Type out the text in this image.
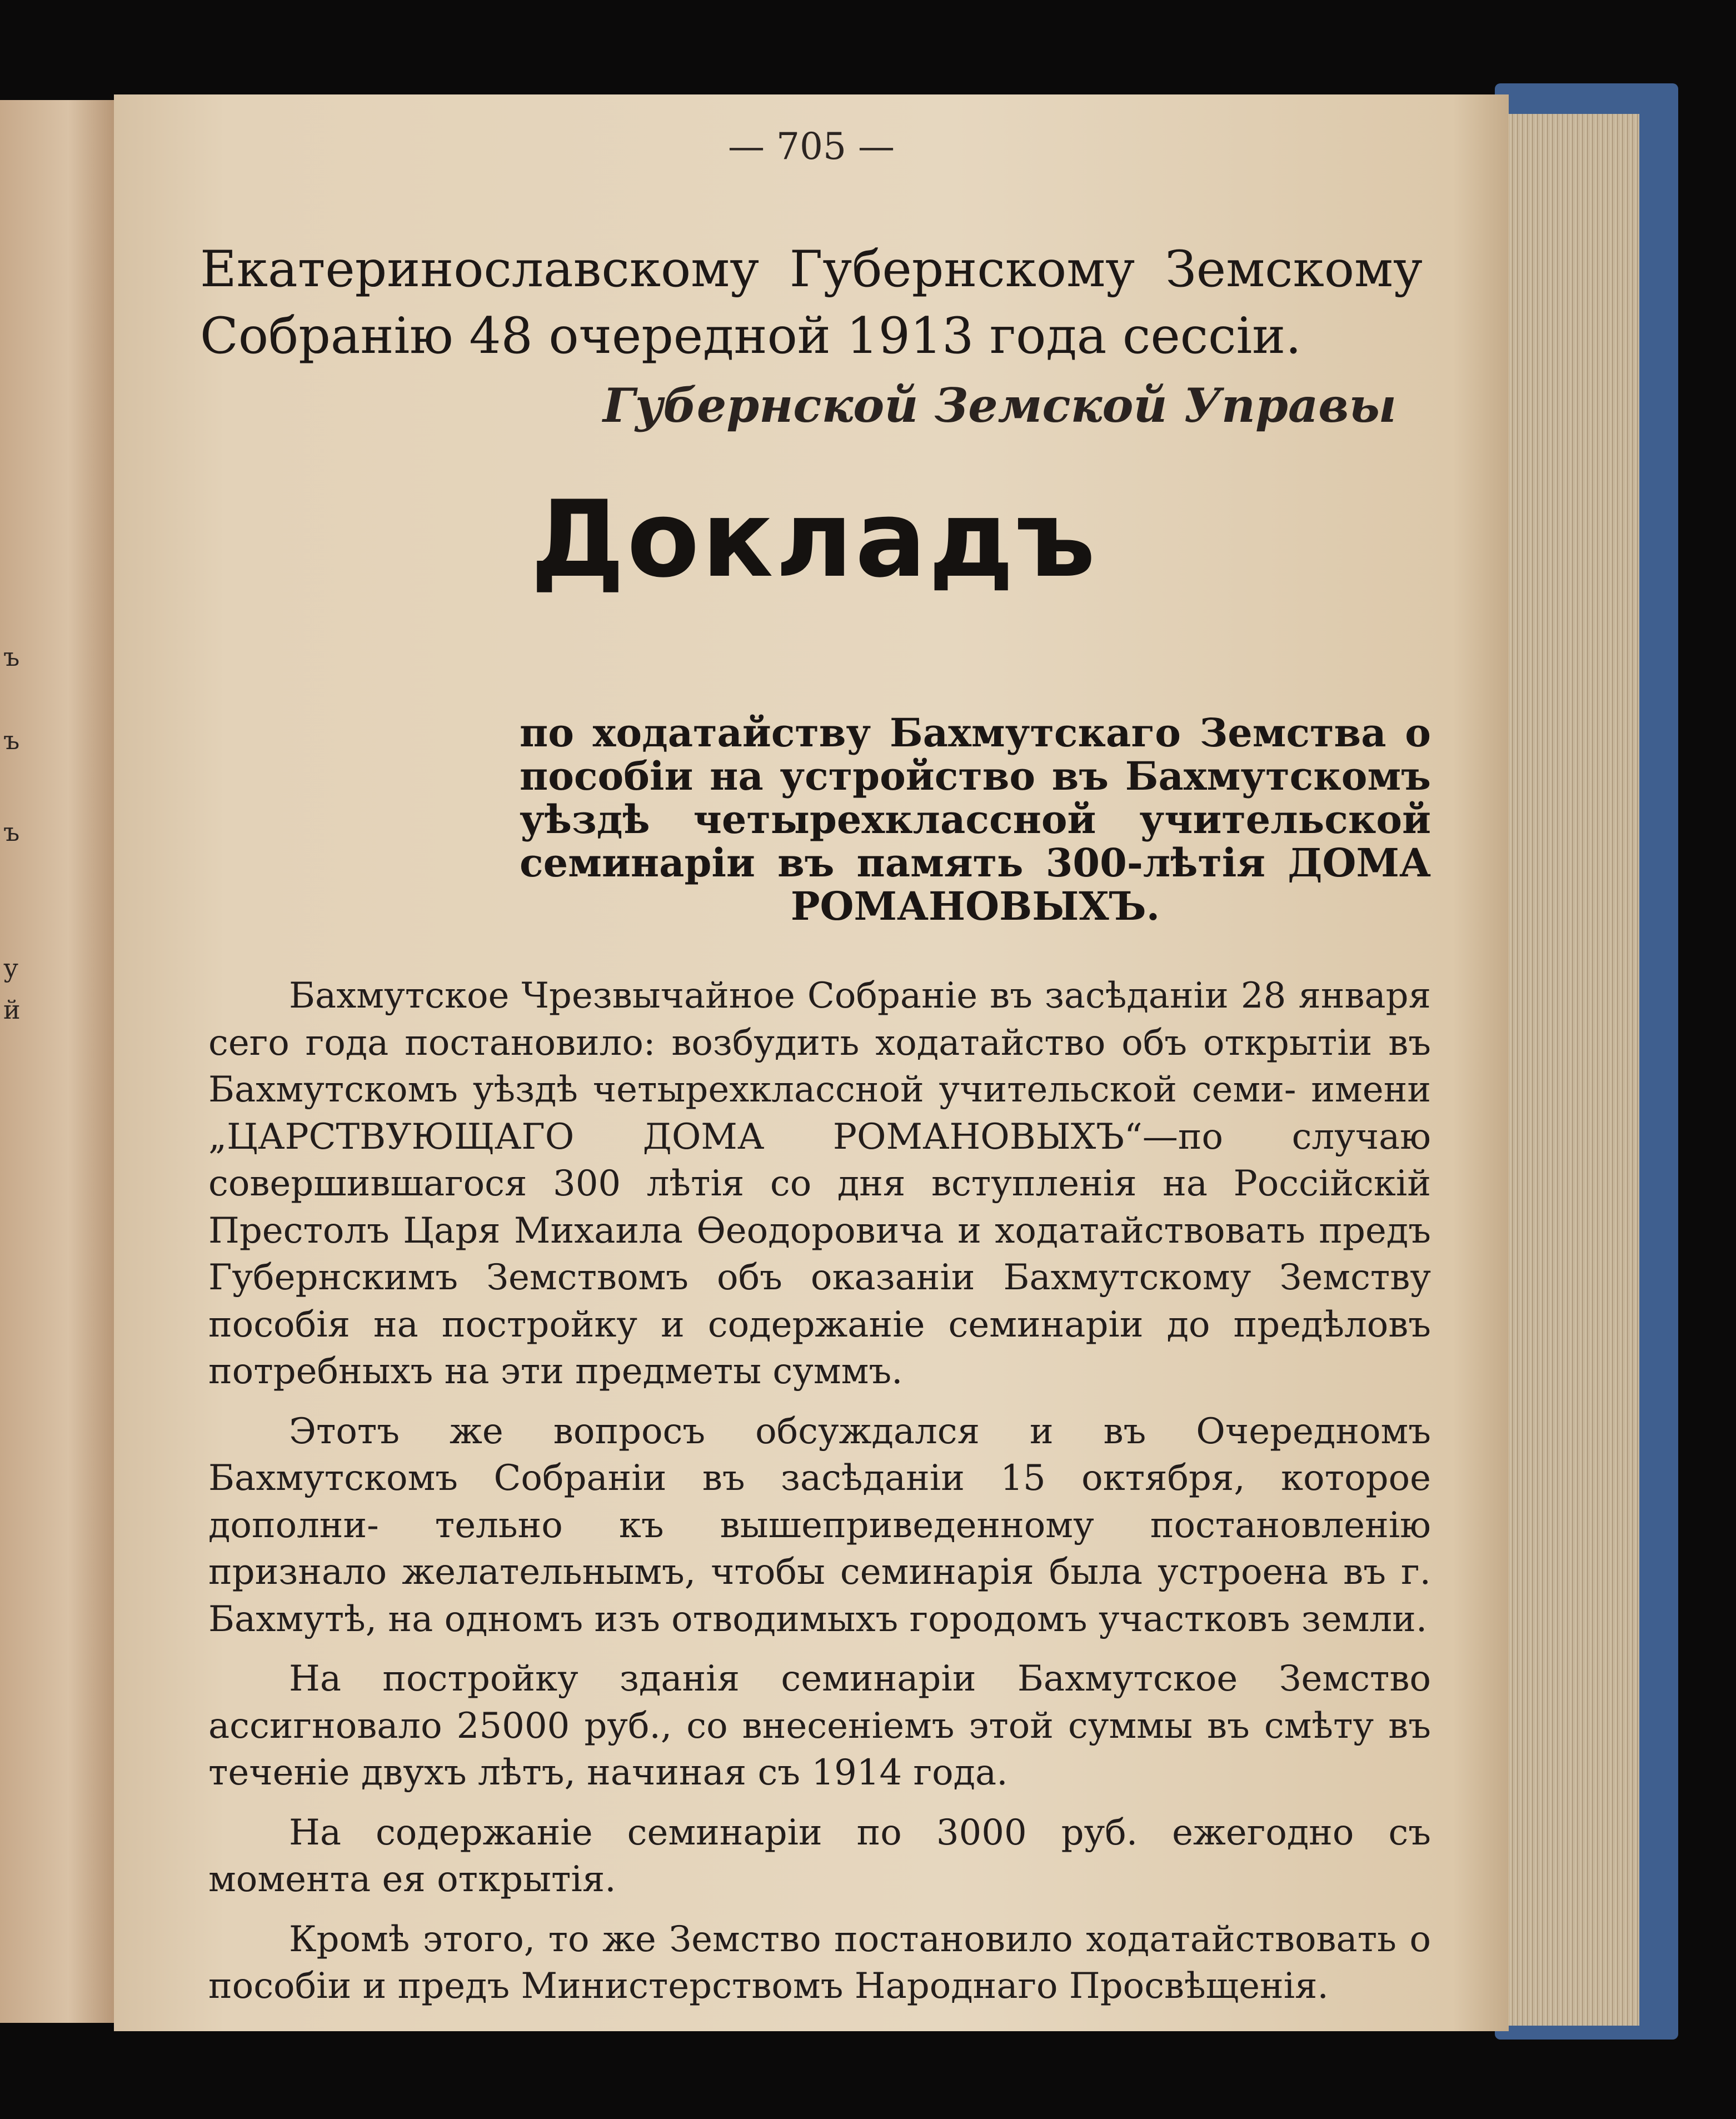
ъ
ъ
ъ
у
й
— 705 —
Екатеринославскому Губернскому Земскому Собранію 48 очередной 1913 года сессіи.
Губернской Земской Управы
Докладъ
по ходатайству Бахмутскаго Земства о пособіи на устройство въ Бахмутскомъ уѣздѣ четырехклассной учительской семинаріи въ память 300-лѣтія ДОМА РОМАНОВЫХЪ.

Бахмутское Чрезвычайное Собраніе въ засѣданіи 28 января сего года постановило: возбудить ходатайство объ открытіи въ Бахмутскомъ уѣздѣ четырехклассной учительской семи- имени „ЦАРСТВУЮЩАГО ДОМА РОМАНОВЫХЪ“—по случаю совершившагося 300 лѣтія со дня вступленія на Россійскій Престолъ Царя Михаила Ѳеодоровича и ходатайствовать предъ Губернскимъ Земствомъ объ оказаніи Бахмутскому Земству пособія на постройку и содержаніе семинаріи до предѣловъ потребныхъ на эти предметы суммъ.

Этотъ же вопросъ обсуждался и въ Очередномъ Бахмутскомъ Собраніи въ засѣданіи 15 октября, которое дополни- тельно къ вышеприведенному постановленію признало желательнымъ, чтобы семинарія была устроена въ г. Бахмутѣ, на одномъ изъ отводимыхъ городомъ участковъ земли.

На постройку зданія семинаріи Бахмутское Земство ассигновало 25000 руб., со внесеніемъ этой суммы въ смѣту въ теченіе двухъ лѣтъ, начиная съ 1914 года.

На содержаніе семинаріи по 3000 руб. ежегодно съ момента ея открытія.

Кромѣ этого, то же Земство постановило ходатайствовать о пособіи и предъ Министерствомъ Народнаго Просвѣщенія.
